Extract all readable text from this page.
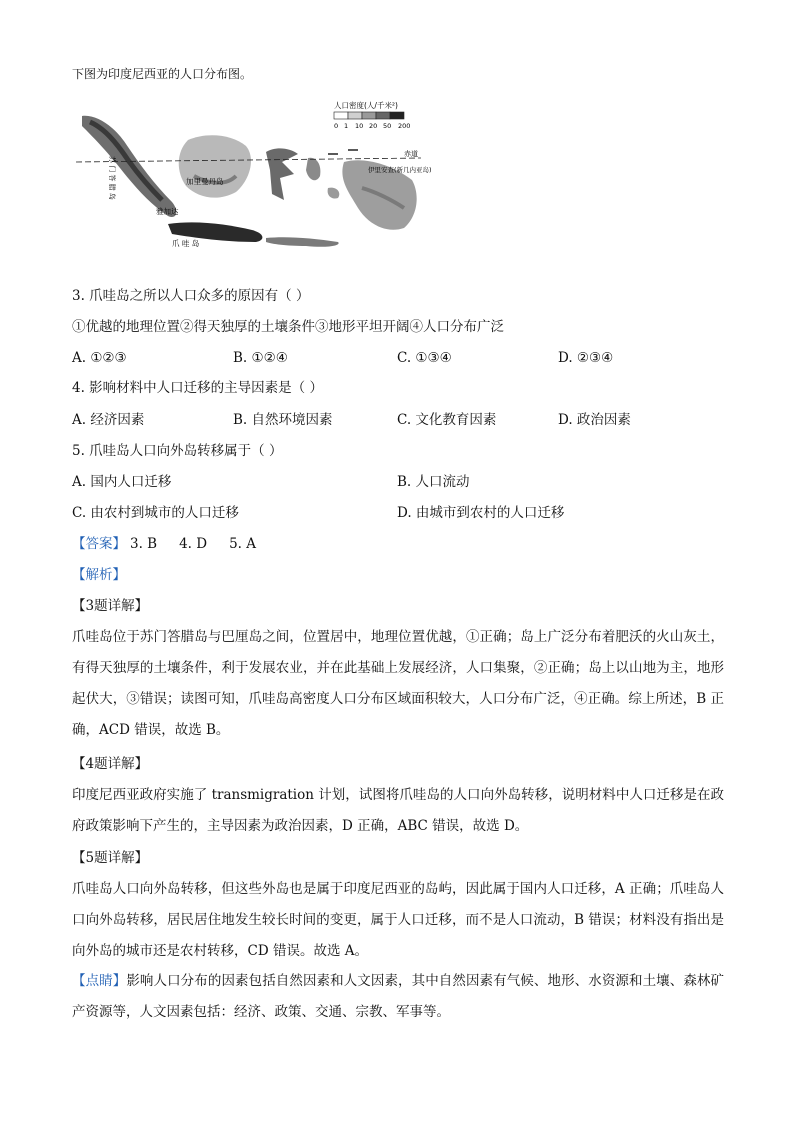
下图为印度尼西亚的人口分布图。
人口密度(人/千米²)
0 1 10 20 50 200
赤道
加里曼丹岛
雅加达
爪 哇 岛
苏 门 答 腊 岛	伊里安查(新几内亚岛)
3. 爪哇岛之所以人口众多的原因有（ ）
①优越的地理位置②得天独厚的土壤条件③地形平坦开阔④人口分布广泛
A. ①②③	B. ①②④	C. ①③④	D. ②③④
4. 影响材料中人口迁移的主导因素是（ ）
A. 经济因素	B. 自然环境因素	C. 文化教育因素	D. 政治因素
5. 爪哇岛人口向外岛转移属于（ ）
A. 国内人口迁移	B. 人口流动
C. 由农村到城市的人口迁移	D. 由城市到农村的人口迁移
【答案】 3. B 4. D 5. A
【解析】
【3题详解】
爪哇岛位于苏门答腊岛与巴厘岛之间，位置居中，地理位置优越，①正确；岛上广泛分布着肥沃的火山灰土，有得天独厚的土壤条件，利于发展农业，并在此基础上发展经济，人口集聚，②正确；岛上以山地为主，地形起伏大，③错误；读图可知，爪哇岛高密度人口分布区域面积较大，人口分布广泛，④正确。综上所述，B 正确，ACD 错误，故选 B。
【4题详解】
印度尼西亚政府实施了 transmigration 计划，试图将爪哇岛的人口向外岛转移，说明材料中人口迁移是在政府政策影响下产生的，主导因素为政治因素，D 正确，ABC 错误，故选 D。
【5题详解】
爪哇岛人口向外岛转移，但这些外岛也是属于印度尼西亚的岛屿，因此属于国内人口迁移，A 正确；爪哇岛人口向外岛转移，居民居住地发生较长时间的变更，属于人口迁移，而不是人口流动，B 错误；材料没有指出是向外岛的城市还是农村转移，CD 错误。故选 A。
【点睛】影响人口分布的因素包括自然因素和人文因素，其中自然因素有气候、地形、水资源和土壤、森林矿产资源等，人文因素包括：经济、政策、交通、宗教、军事等。
